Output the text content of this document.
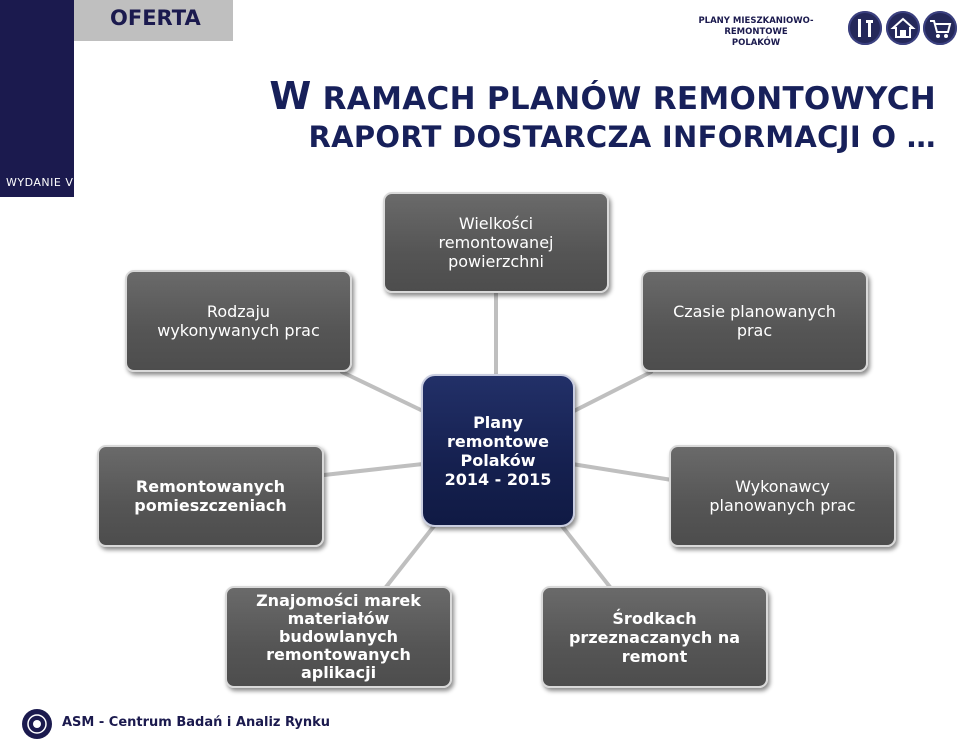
WYDANIE V
OFERTA	PLANY MIESZKANIOWO-REMONTOWE
POLAKÓW
W RAMACH PLANÓW REMONTOWYCH
RAPORT DOSTARCZA INFORMACJI O …
Wielkości
remontowanej
powierzchni
Rodzaju
wykonywanych prac
Czasie planowanych
prac
Plany
remontowe
Polaków
2014 - 2015
Remontowanych
pomieszczeniach
Wykonawcy
planowanych prac
Znajomości marek
materiałów
budowlanych
remontowanych
aplikacji
Środkach
przeznaczanych na
remont
ASM - Centrum Badań i Analiz Rynku
